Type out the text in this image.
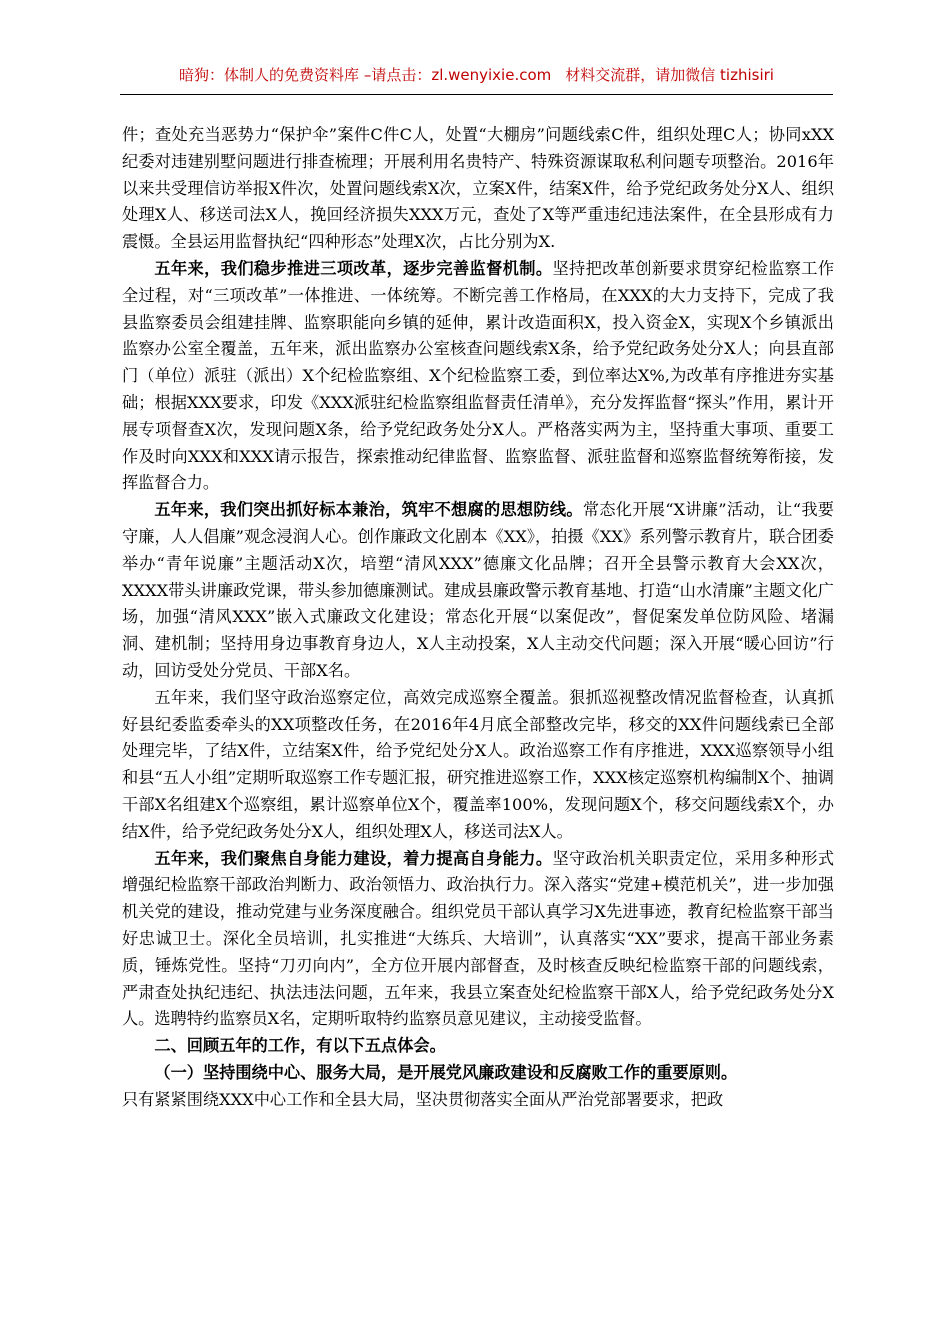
暗狗：体制人的免费资料库 –请点击：zl.wenyixie.com 材料交流群，请加微信 tizhisiri

件；查处充当恶势力“保护伞”案件C件C人，处置“大棚房”问题线索C件，组织处理C人；协同xXX纪委对违建别墅问题进行排查梳理；开展利用名贵特产、特殊资源谋取私利问题专项整治。2016年以来共受理信访举报X件次，处置问题线索X次，立案X件，结案X件，给予党纪政务处分X人、组织处理X人、移送司法X人，挽回经济损失XXX万元，查处了X等严重违纪违法案件，在全县形成有力震慑。全县运用监督执纪“四种形态”处理X次，占比分别为X.

五年来，我们稳步推进三项改革，逐步完善监督机制。坚持把改革创新要求贯穿纪检监察工作全过程，对“三项改革”一体推进、一体统筹。不断完善工作格局，在XXX的大力支持下，完成了我县监察委员会组建挂牌、监察职能向乡镇的延伸，累计改造面积X，投入资金X，实现X个乡镇派出监察办公室全覆盖，五年来，派出监察办公室核查问题线索X条，给予党纪政务处分X人；向县直部门（单位）派驻（派出）X个纪检监察组、X个纪检监察工委，到位率达X%,为改革有序推进夯实基础；根据XXX要求，印发《XXX派驻纪检监察组监督责任清单》，充分发挥监督“探头”作用，累计开展专项督查X次，发现问题X条，给予党纪政务处分X人。严格落实两为主，坚持重大事项、重要工作及时向XXX和XXX请示报告，探索推动纪律监督、监察监督、派驻监督和巡察监督统筹衔接，发挥监督合力。

五年来，我们突出抓好标本兼治，筑牢不想腐的思想防线。常态化开展“X讲廉”活动，让“我要守廉，人人倡廉”观念浸润人心。创作廉政文化剧本《XX》，拍摄《XX》系列警示教育片，联合团委举办“青年说廉”主题活动X次，培塑“清风XXX”德廉文化品牌；召开全县警示教育大会XX次，XXXX带头讲廉政党课，带头参加德廉测试。建成县廉政警示教育基地、打造“山水清廉”主题文化广场，加强“清风XXX”嵌入式廉政文化建设；常态化开展“以案促改”，督促案发单位防风险、堵漏洞、建机制；坚持用身边事教育身边人，X人主动投案，X人主动交代问题；深入开展“暖心回访”行动，回访受处分党员、干部X名。

五年来，我们坚守政治巡察定位，高效完成巡察全覆盖。狠抓巡视整改情况监督检查，认真抓好县纪委监委牵头的XX项整改任务，在2016年4月底全部整改完毕，移交的XX件问题线索已全部处理完毕，了结X件，立结案X件，给予党纪处分X人。政治巡察工作有序推进，XXX巡察领导小组和县“五人小组”定期听取巡察工作专题汇报，研究推进巡察工作，XXX核定巡察机构编制X个、抽调干部X名组建X个巡察组，累计巡察单位X个，覆盖率100%，发现问题X个，移交问题线索X个，办结X件，给予党纪政务处分X人，组织处理X人，移送司法X人。

五年来，我们聚焦自身能力建设，着力提高自身能力。坚守政治机关职责定位，采用多种形式增强纪检监察干部政治判断力、政治领悟力、政治执行力。深入落实“党建+模范机关”，进一步加强机关党的建设，推动党建与业务深度融合。组织党员干部认真学习X先进事迹，教育纪检监察干部当好忠诚卫士。深化全员培训，扎实推进“大练兵、大培训”，认真落实“XX”要求，提高干部业务素质，锤炼党性。坚持“刀刃向内”，全方位开展内部督查，及时核查反映纪检监察干部的问题线索，严肃查处执纪违纪、执法违法问题，五年来，我县立案查处纪检监察干部X人，给予党纪政务处分X人。选聘特约监察员X名，定期听取特约监察员意见建议，主动接受监督。

二、回顾五年的工作，有以下五点体会。

（一）坚持围绕中心、服务大局，是开展党风廉政建设和反腐败工作的重要原则。

只有紧紧围绕XXX中心工作和全县大局，坚决贯彻落实全面从严治党部署要求，把政
